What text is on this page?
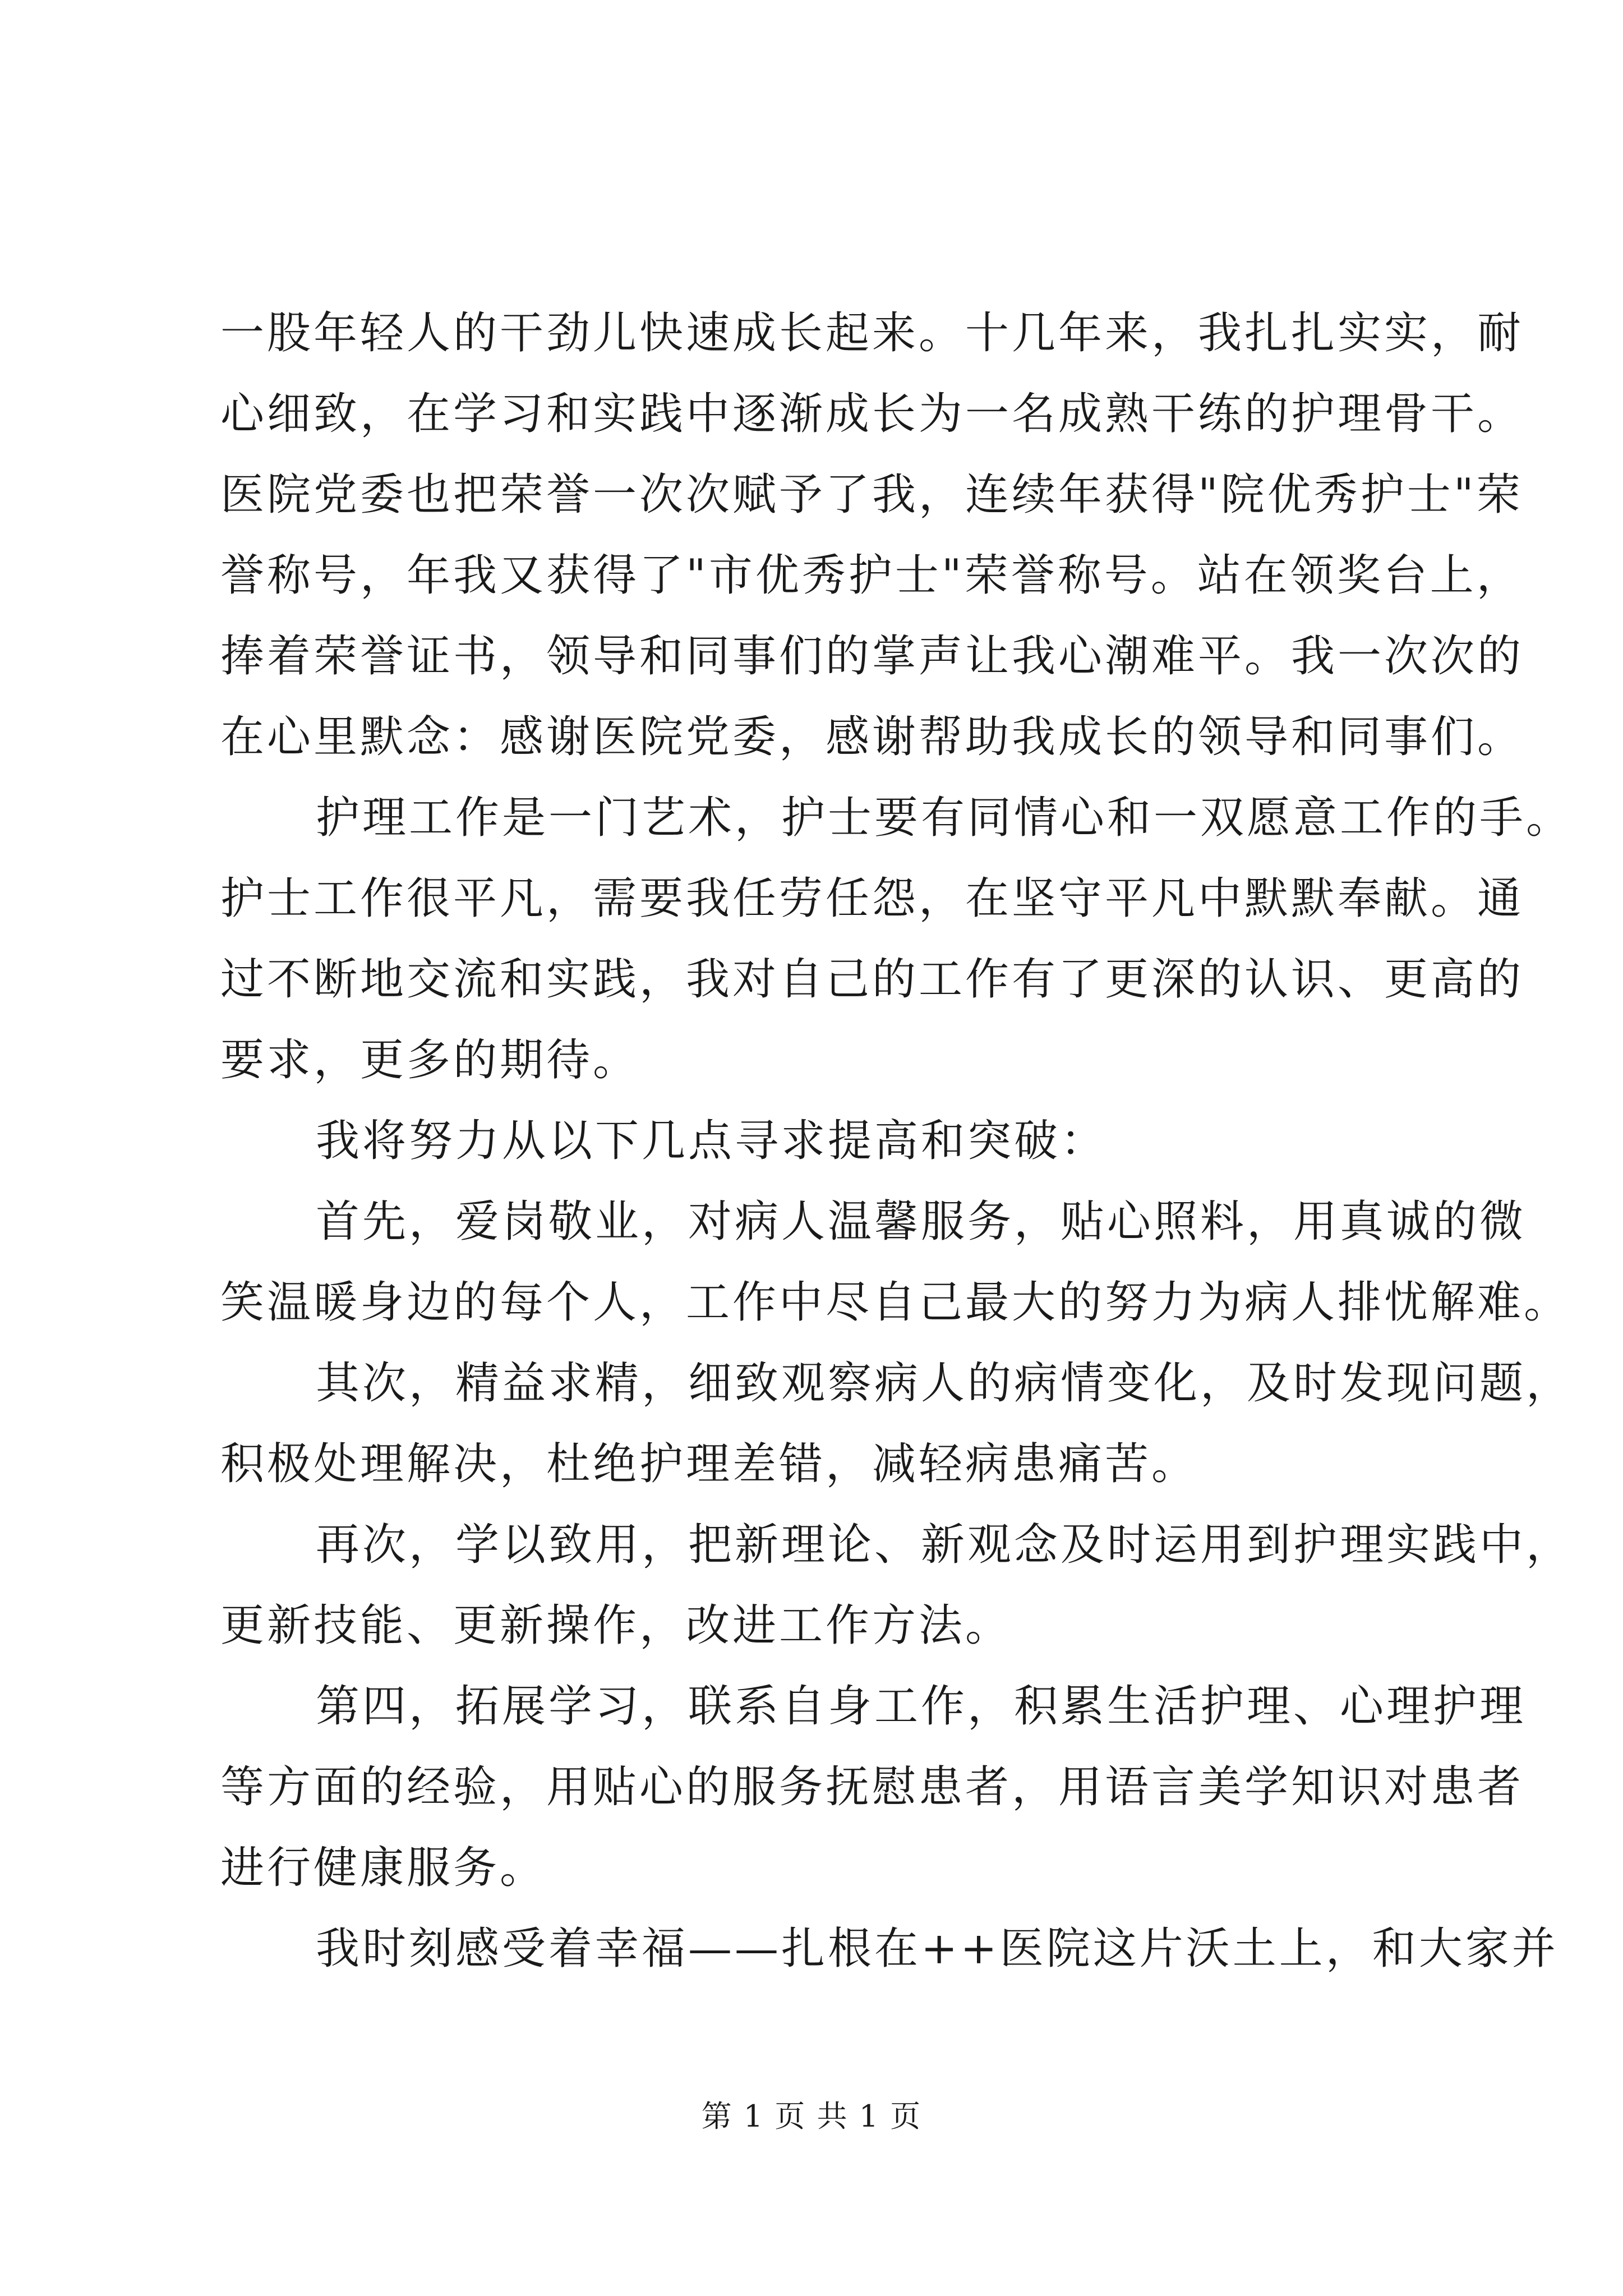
一股年轻人的干劲儿快速成长起来。十几年来，我扎扎实实，耐

心细致，在学习和实践中逐渐成长为一名成熟干练的护理骨干。

医院党委也把荣誉一次次赋予了我，连续年获得"院优秀护士"荣

誉称号，年我又获得了"市优秀护士"荣誉称号。站在领奖台上，

捧着荣誉证书，领导和同事们的掌声让我心潮难平。我一次次的

在心里默念：感谢医院党委，感谢帮助我成长的领导和同事们。

护理工作是一门艺术，护士要有同情心和一双愿意工作的手。

护士工作很平凡，需要我任劳任怨，在坚守平凡中默默奉献。通

过不断地交流和实践，我对自己的工作有了更深的认识、更高的

要求，更多的期待。

我将努力从以下几点寻求提高和突破：

首先，爱岗敬业，对病人温馨服务，贴心照料，用真诚的微

笑温暖身边的每个人，工作中尽自己最大的努力为病人排忧解难。

其次，精益求精，细致观察病人的病情变化，及时发现问题，

积极处理解决，杜绝护理差错，减轻病患痛苦。

再次，学以致用，把新理论、新观念及时运用到护理实践中，

更新技能、更新操作，改进工作方法。

第四，拓展学习，联系自身工作，积累生活护理、心理护理

等方面的经验，用贴心的服务抚慰患者，用语言美学知识对患者

进行健康服务。

我时刻感受着幸福——扎根在++医院这片沃土上，和大家并

第 1 页 共 1 页
